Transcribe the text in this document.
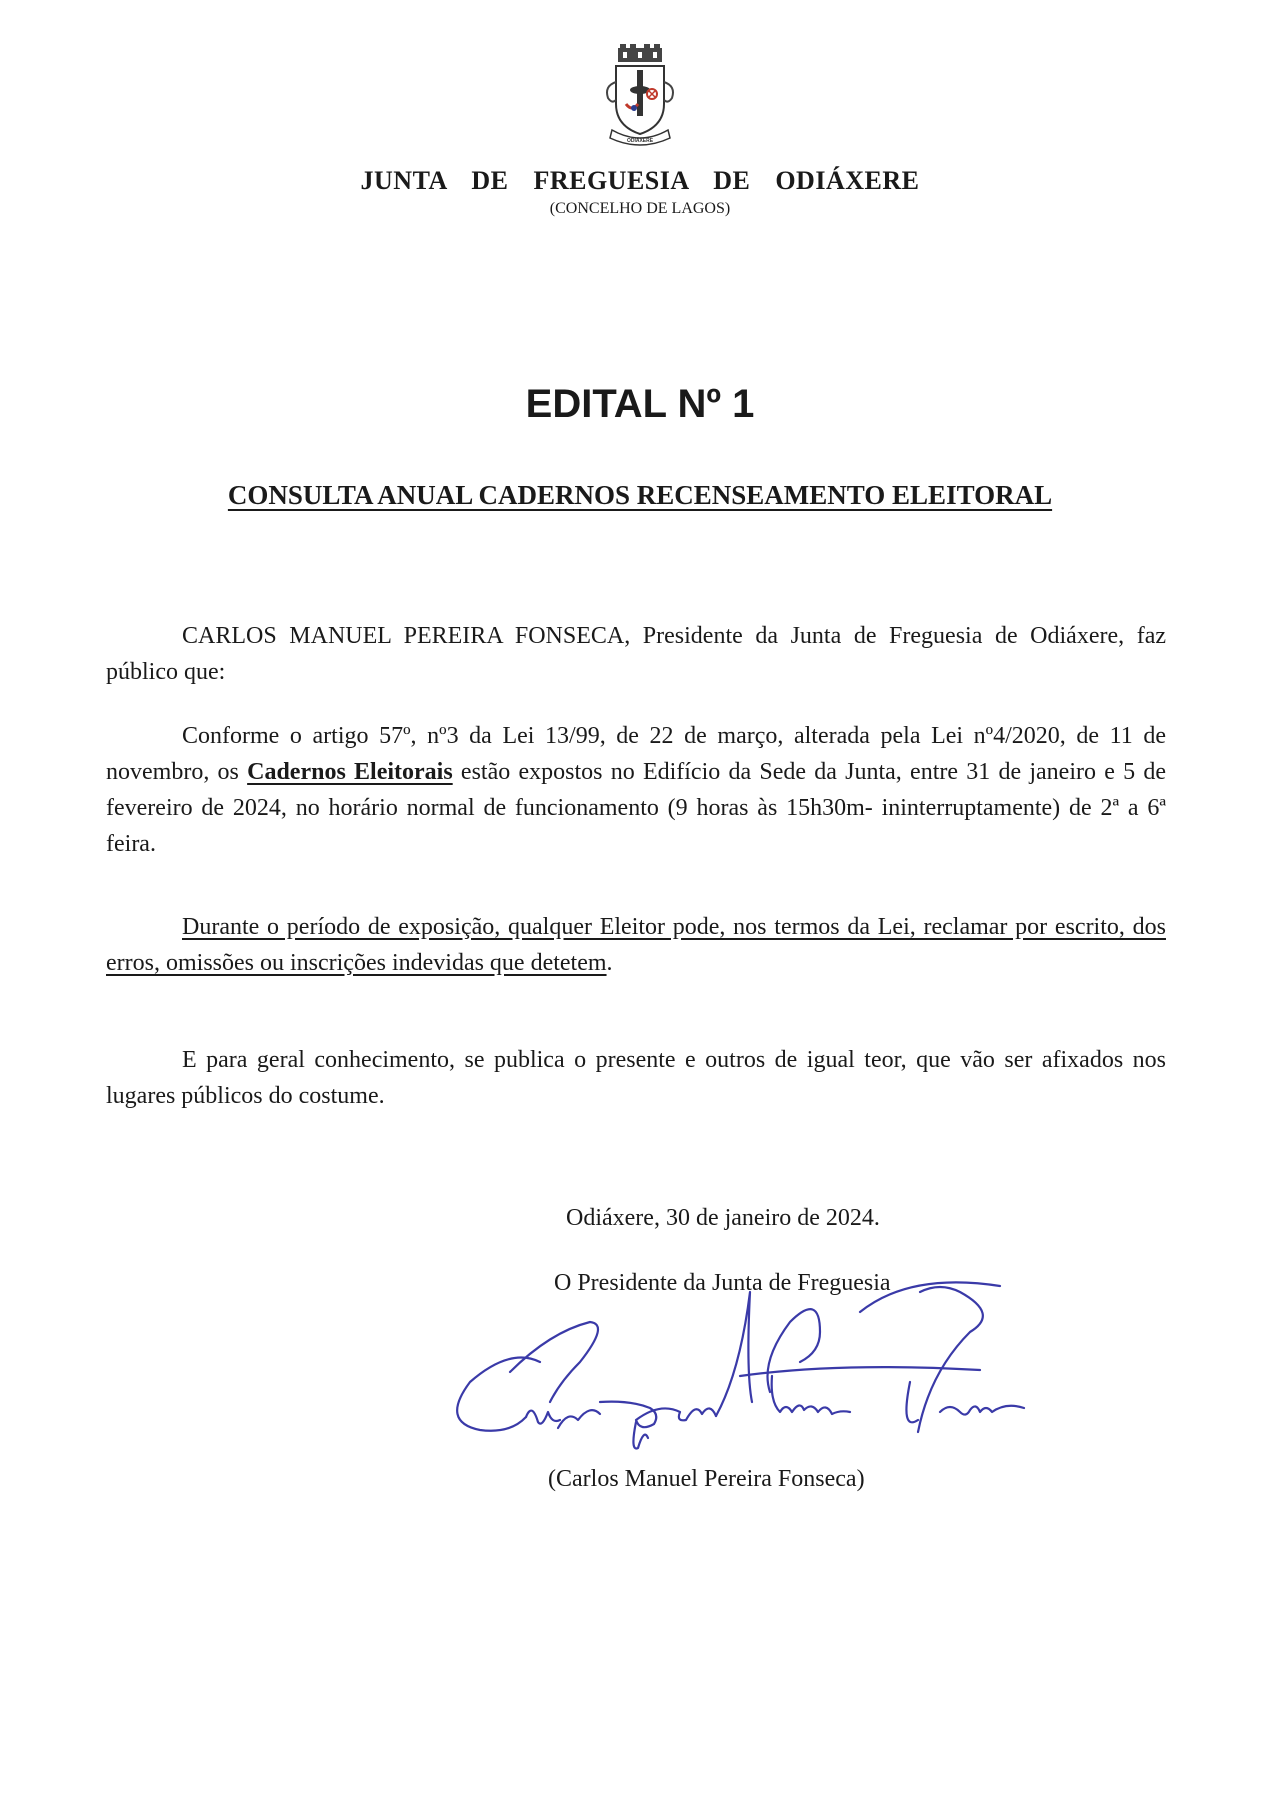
ODIÁXERE
JUNTA DE FREGUESIA DE ODIÁXERE
(CONCELHO DE LAGOS)
EDITAL Nº 1
CONSULTA ANUAL CADERNOS RECENSEAMENTO ELEITORAL

CARLOS MANUEL PEREIRA FONSECA, Presidente da Junta de Freguesia de Odiáxere, faz público que:

Conforme o artigo 57º, nº3 da Lei 13/99, de 22 de março, alterada pela Lei nº4/2020, de 11 de novembro, os Cadernos Eleitorais estão expostos no Edifício da Sede da Junta, entre 31 de janeiro e 5 de fevereiro de 2024, no horário normal de funcionamento (9 horas às 15h30m- ininterruptamente) de 2ª a 6ª feira.

Durante o período de exposição, qualquer Eleitor pode, nos termos da Lei, reclamar por escrito, dos erros, omissões ou inscrições indevidas que detetem.

E para geral conhecimento, se publica o presente e outros de igual teor, que vão ser afixados nos lugares públicos do costume.

Odiáxere, 30 de janeiro de 2024.
O Presidente da Junta de Freguesia
(Carlos Manuel Pereira Fonseca)
